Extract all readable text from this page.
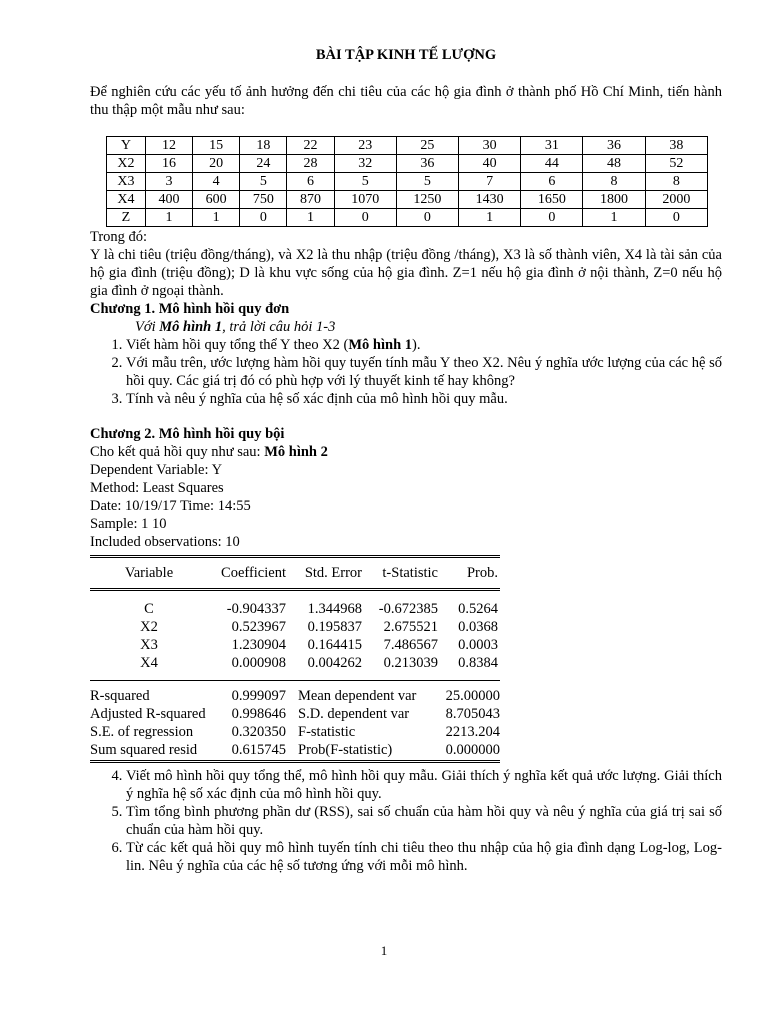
BÀI TẬP KINH TẾ LƯỢNG
Để nghiên cứu các yếu tố ảnh hưởng đến chi tiêu của các hộ gia đình ở thành phố Hồ Chí Minh, tiến hành thu thập một mẫu như sau:
Y	12	15	18	22	23	25	30	31	36	38
X2	16	20	24	28	32	36	40	44	48	52
X3	3	4	5	6	5	5	7	6	8	8
X4	400	600	750	870	1070	1250	1430	1650	1800	2000
Z	1	1	0	1	0	0	1	0	1	0
Trong đó:
Y là chi tiêu (triệu đồng/tháng), và X2 là thu nhập (triệu đồng /tháng), X3 là số thành viên, X4 là tài sản của hộ gia đình (triệu đồng); D là khu vực sống của hộ gia đình. Z=1 nếu hộ gia đình ở nội thành, Z=0 nếu hộ gia đình ở ngoại thành.
Chương 1. Mô hình hồi quy đơn
Với Mô hình 1, trả lời câu hỏi 1-3
1. Viết hàm hồi quy tổng thể Y theo X2 (Mô hình 1).
2. Với mẫu trên, ước lượng hàm hồi quy tuyến tính mẫu Y theo X2. Nêu ý nghĩa ước lượng của các hệ số hồi quy. Các giá trị đó có phù hợp với lý thuyết kinh tế hay không?
3. Tính và nêu ý nghĩa của hệ số xác định của mô hình hồi quy mẫu.
Chương 2. Mô hình hồi quy bội
Cho kết quả hồi quy như sau: Mô hình 2
Dependent Variable: Y
Method: Least Squares
Date: 10/19/17 Time: 14:55
Sample: 1 10
Included observations: 10
Variable	Coefficient	Std. Error	t-Statistic	Prob.
C	-0.904337	1.344968	-0.672385	0.5264
X2	0.523967	0.195837	2.675521	0.0368
X3	1.230904	0.164415	7.486567	0.0003
X4	0.000908	0.004262	0.213039	0.8384
R-squared	0.999097 Mean dependent var	25.00000
Adjusted R-squared	0.998646 S.D. dependent var	8.705043
S.E. of regression	0.320350 F-statistic	2213.204
Sum squared resid	0.615745 Prob(F-statistic)	0.000000
4. Viết mô hình hồi quy tổng thể, mô hình hồi quy mẫu. Giải thích ý nghĩa kết quả ước lượng. Giải thích ý nghĩa hệ số xác định của mô hình hồi quy.
5. Tìm tổng bình phương phần dư (RSS), sai số chuẩn của hàm hồi quy và nêu ý nghĩa của giá trị sai số chuẩn của hàm hồi quy.
6. Từ các kết quả hồi quy mô hình tuyến tính chi tiêu theo thu nhập của hộ gia đình dạng Log-log, Log-lin. Nêu ý nghĩa của các hệ số tương ứng với mỗi mô hình.
1
